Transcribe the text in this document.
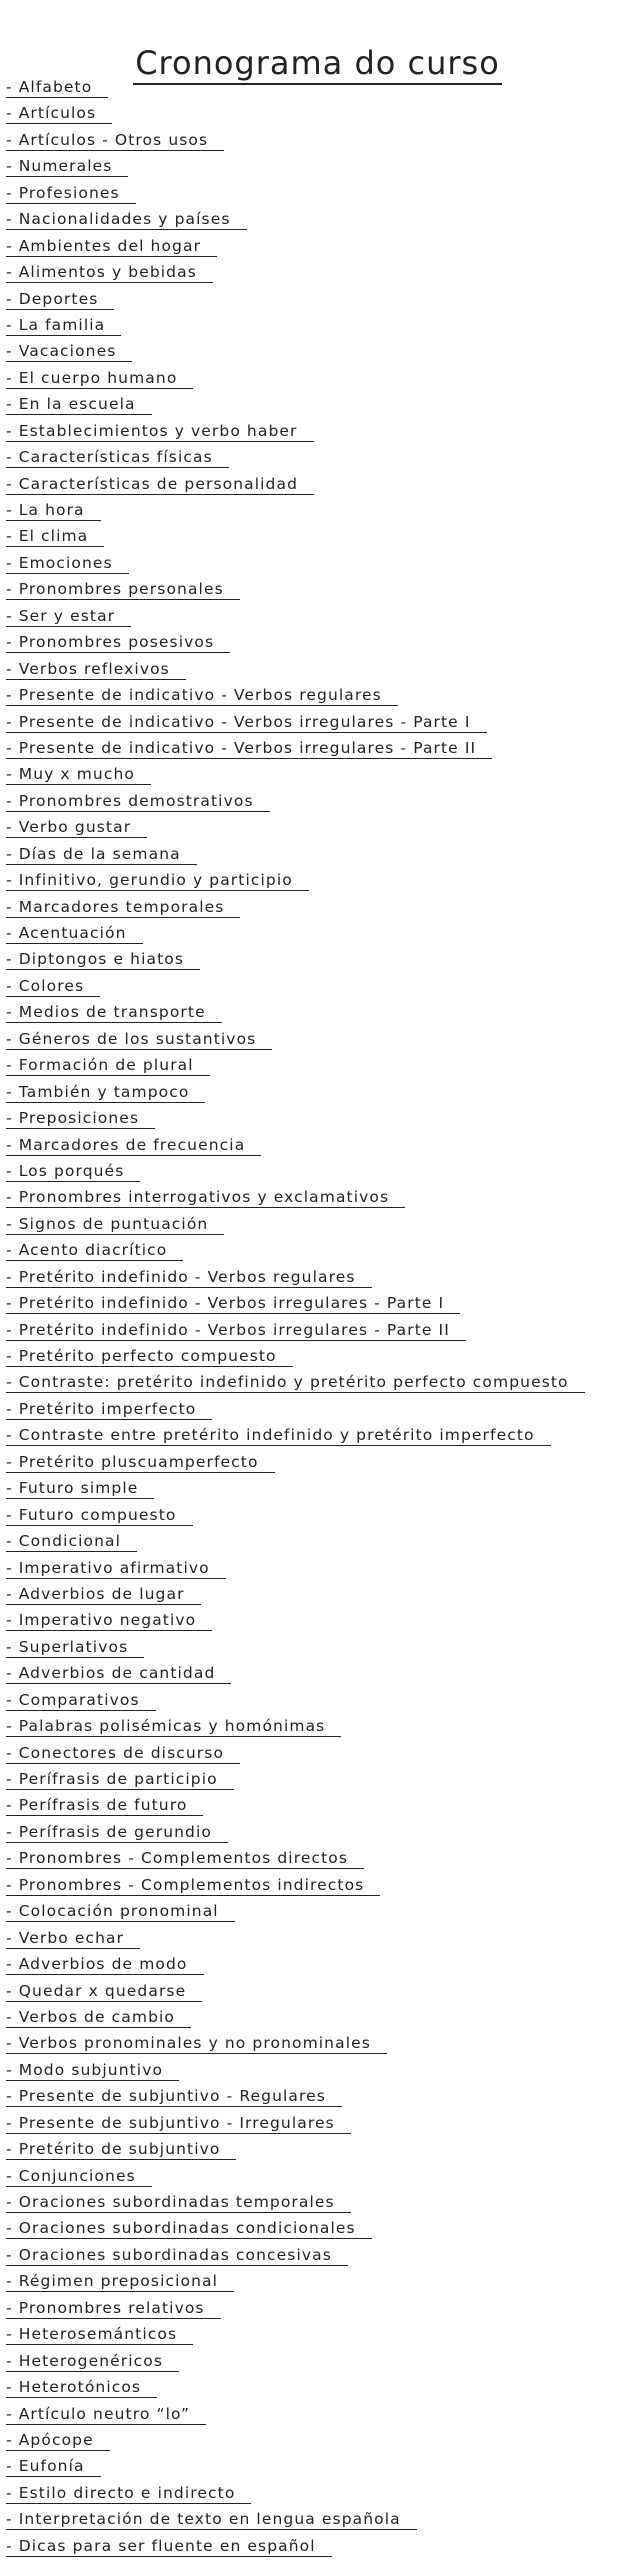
Cronograma do curso
- Alfabeto
- Artículos
- Artículos - Otros usos
- Numerales
- Profesiones
- Nacionalidades y países
- Ambientes del hogar
- Alimentos y bebidas
- Deportes
- La familia
- Vacaciones
- El cuerpo humano
- En la escuela
- Establecimientos y verbo haber
- Características físicas
- Características de personalidad
- La hora
- El clima
- Emociones
- Pronombres personales
- Ser y estar
- Pronombres posesivos
- Verbos reflexivos
- Presente de indicativo - Verbos regulares
- Presente de indicativo - Verbos irregulares - Parte I
- Presente de indicativo - Verbos irregulares - Parte II
- Muy x mucho
- Pronombres demostrativos
- Verbo gustar
- Días de la semana
- Infinitivo, gerundio y participio
- Marcadores temporales
- Acentuación
- Diptongos e hiatos
- Colores
- Medios de transporte
- Géneros de los sustantivos
- Formación de plural
- También y tampoco
- Preposiciones
- Marcadores de frecuencia
- Los porqués
- Pronombres interrogativos y exclamativos
- Signos de puntuación
- Acento diacrítico
- Pretérito indefinido - Verbos regulares
- Pretérito indefinido - Verbos irregulares - Parte I
- Pretérito indefinido - Verbos irregulares - Parte II
- Pretérito perfecto compuesto
- Contraste: pretérito indefinido y pretérito perfecto compuesto
- Pretérito imperfecto
- Contraste entre pretérito indefinido y pretérito imperfecto
- Pretérito pluscuamperfecto
- Futuro simple
- Futuro compuesto
- Condicional
- Imperativo afirmativo
- Adverbios de lugar
- Imperativo negativo
- Superlativos
- Adverbios de cantidad
- Comparativos
- Palabras polisémicas y homónimas
- Conectores de discurso
- Perífrasis de participio
- Perífrasis de futuro
- Perífrasis de gerundio
- Pronombres - Complementos directos
- Pronombres - Complementos indirectos
- Colocación pronominal
- Verbo echar
- Adverbios de modo
- Quedar x quedarse
- Verbos de cambio
- Verbos pronominales y no pronominales
- Modo subjuntivo
- Presente de subjuntivo - Regulares
- Presente de subjuntivo - Irregulares
- Pretérito de subjuntivo
- Conjunciones
- Oraciones subordinadas temporales
- Oraciones subordinadas condicionales
- Oraciones subordinadas concesivas
- Régimen preposicional
- Pronombres relativos
- Heterosemánticos
- Heterogenéricos
- Heterotónicos
- Artículo neutro “lo”
- Apócope
- Eufonía
- Estilo directo e indirecto
- Interpretación de texto en lengua española
- Dicas para ser fluente en español
